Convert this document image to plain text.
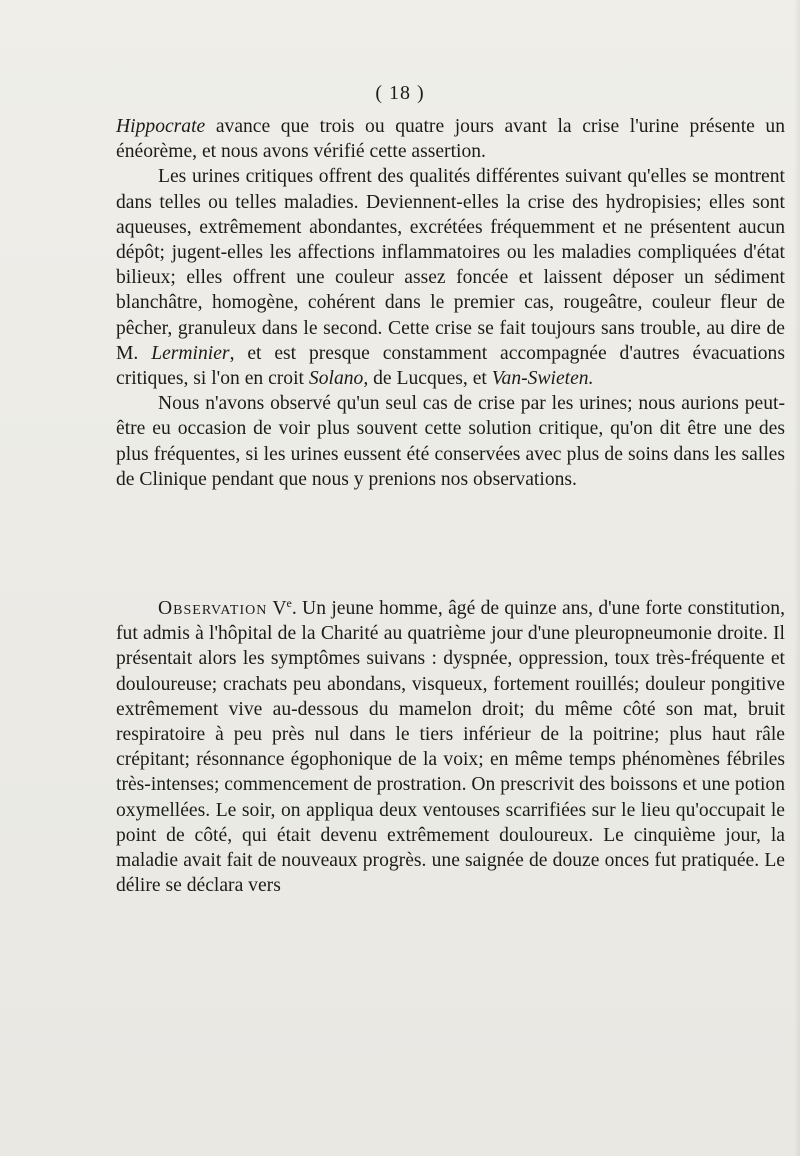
( 18 )

Hippocrate avance que trois ou quatre jours avant la crise l'urine présente un énéorème, et nous avons vérifié cette assertion.

Les urines critiques offrent des qualités différentes suivant qu'elles se montrent dans telles ou telles maladies. Deviennent-elles la crise des hydropisies; elles sont aqueuses, extrêmement abondantes, excrétées fréquemment et ne présentent aucun dépôt; jugent-elles les affections inflammatoires ou les maladies compliquées d'état bilieux; elles offrent une couleur assez foncée et laissent déposer un sédiment blanchâtre, homogène, cohérent dans le premier cas, rougeâtre, couleur fleur de pêcher, granuleux dans le second. Cette crise se fait toujours sans trouble, au dire de M. Lerminier, et est presque constamment accompagnée d'autres évacuations critiques, si l'on en croit Solano, de Lucques, et Van-Swieten.

Nous n'avons observé qu'un seul cas de crise par les urines; nous aurions peut-être eu occasion de voir plus souvent cette solution critique, qu'on dit être une des plus fréquentes, si les urines eussent été conservées avec plus de soins dans les salles de Clinique pendant que nous y prenions nos observations.

Observation Ve. Un jeune homme, âgé de quinze ans, d'une forte constitution, fut admis à l'hôpital de la Charité au quatrième jour d'une pleuropneumonie droite. Il présentait alors les symptômes suivans : dyspnée, oppression, toux très-fréquente et douloureuse; crachats peu abondans, visqueux, fortement rouillés; douleur pongitive extrêmement vive au-dessous du mamelon droit; du même côté son mat, bruit respiratoire à peu près nul dans le tiers inférieur de la poitrine; plus haut râle crépitant; résonnance égophonique de la voix; en même temps phénomènes fébriles très-intenses; commencement de prostration. On prescrivit des boissons et une potion oxymellées. Le soir, on appliqua deux ventouses scarrifiées sur le lieu qu'occupait le point de côté, qui était devenu extrêmement douloureux. Le cinquième jour, la maladie avait fait de nouveaux progrès. une saignée de douze onces fut pratiquée. Le délire se déclara vers
